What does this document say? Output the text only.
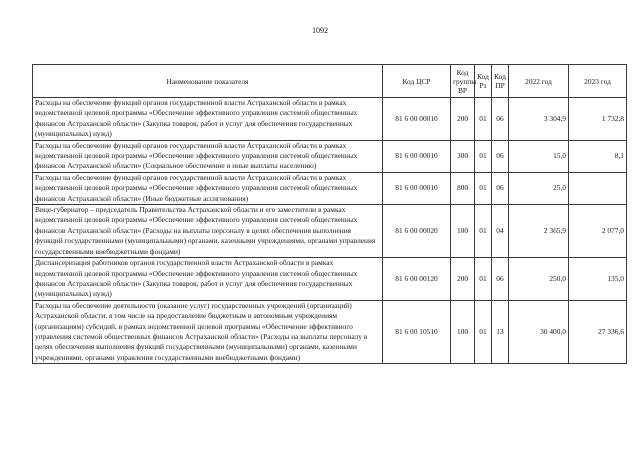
1092
Наименование показателя	Код ЦСР	Код группы ВР	Код Рз	Код ПР	2022 год	2023 год
Расходы на обеспечение функций органов государственной власти Астраханской области в рамках ведомственной целевой программы «Обеспечение эффективного управления системой общественных финансов Астраханской области» (Закупка товаров, работ и услуг для обеспечения государственных (муниципальных) нужд)	81 6 00 00010	200	01	06	3 304,9	1 732,8
Расходы на обеспечение функций органов государственной власти Астраханской области в рамках ведомственной целевой программы «Обеспечение эффективного управления системой общественных финансов Астраханской области» (Социальное обеспечение и иные выплаты населению)	81 6 00 00010	300	01	06	15,0	8,1
Расходы на обеспечение функций органов государственной власти Астраханской области в рамках ведомственной целевой программы «Обеспечение эффективного управления системой общественных финансов Астраханской области» (Иные бюджетные ассигнования)	81 6 00 00010	800	01	06	25,0	
Вице-губернатор – председатель Правительства Астраханской области и его заместители в рамках ведомственной целевой программы «Обеспечение эффективного управления системой общественных финансов Астраханской области» (Расходы на выплаты персоналу в целях обеспечения выполнения функций государственными (муниципальными) органами, казенными учреждениями, органами управления государственными внебюджетными фондами)	81 6 00 00020	100	01	04	2 365,9	2 077,0
Диспансеризация работников органов государственной власти Астраханской области в рамках ведомственной целевой программы «Обеспечение эффективного управления системой общественных финансов Астраханской области» (Закупка товаров, работ и услуг для обеспечения государственных (муниципальных) нужд)	81 6 00 00120	200	01	06	250,0	135,0
Расходы на обеспечение деятельности (оказание услуг) государственных учреждений (организаций) Астраханской области, в том числе на предоставление бюджетным и автономным учреждениям (организациям) субсидий, в рамках ведомственной целевой программы «Обеспечение эффективного управления системой общественных финансов Астраханской области» (Расходы на выплаты персоналу в целях обеспечения выполнения функций государственными (муниципальными) органами, казенными учреждениями, органами управления государственными внебюджетными фондами)	81 6 00 10510	100	01	13	30 400,0	27 336,6
